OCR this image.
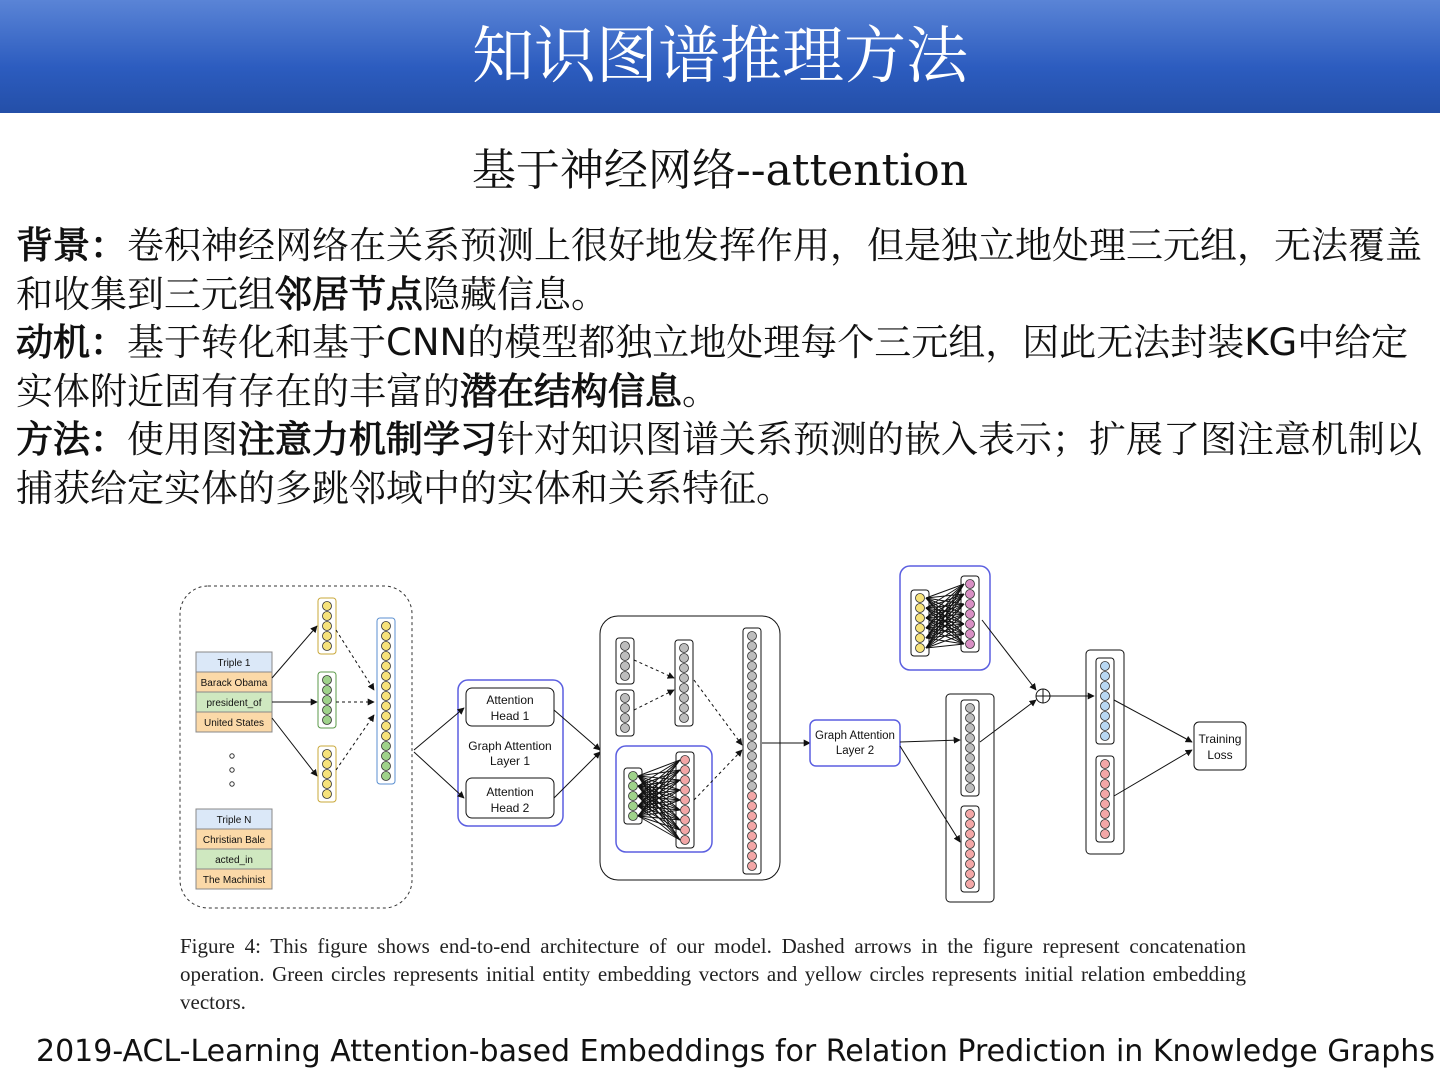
知识图谱推理方法
基于神经网络--attention

背景：卷积神经网络在关系预测上很好地发挥作用，但是独立地处理三元组，无法覆盖和收集到三元组邻居节点隐藏信息。

动机：基于转化和基于CNN的模型都独立地处理每个三元组，因此无法封装KG中给定实体附近固有存在的丰富的潜在结构信息。

方法：使用图注意力机制学习针对知识图谱关系预测的嵌入表示；扩展了图注意机制以捕获给定实体的多跳邻域中的实体和关系特征。

Triple 1
Barack Obama
president_of
United States
Triple N
Christian Bale
acted_in
The Machinist
Attention
Head 1
Graph Attention
Layer 1
Attention
Head 2
Graph Attention
Layer 2
Training
Loss
Figure 4: This figure shows end-to-end architecture of our model. Dashed arrows in the figure represent concatenation operation. Green circles represents initial entity embedding vectors and yellow circles represents initial relation embedding vectors.
2019-ACL-Learning Attention-based Embeddings for Relation Prediction in Knowledge Graphs
